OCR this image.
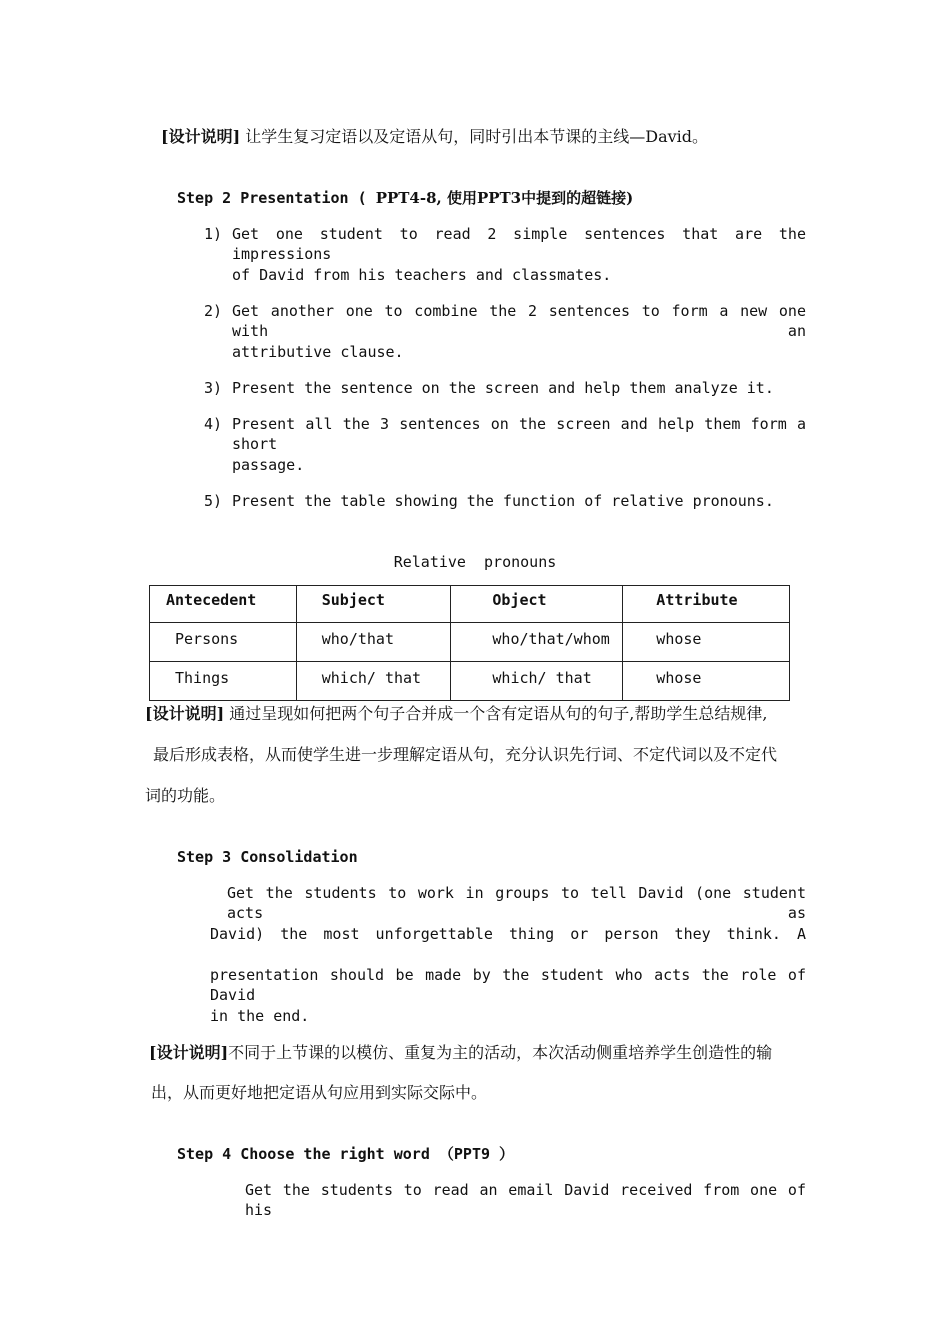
[设计说明] 让学生复习定语以及定语从句，同时引出本节课的主线—David。
Step 2 Presentation ( PPT4-8, 使用PPT3中提到的超链接)
1) Get one student to read 2 simple sentences that are the impressions
of David from his teachers and classmates.
2) Get another one to combine the 2 sentences to form a new one with an
attributive clause.
3) Present the sentence on the screen and help them analyze it.
4) Present all the 3 sentences on the screen and help them form a short
passage.
5) Present the table showing the function of relative pronouns.
Relative  pronouns
Antecedent	Subject	Object	Attribute

Persons	who/that	who/that/whom	whose

Things	which/ that	which/ that	whose
[设计说明] 通过呈现如何把两个句子合并成一个含有定语从句的句子,帮助学生总结规律,
最后形成表格，从而使学生进一步理解定语从句，充分认识先行词、不定代词以及不定代
词的功能。
Step 3 Consolidation
Get the students to work in groups to tell David (one student acts as
David) the most unforgettable thing or person they think. A
presentation should be made by the student who acts the role of David
in the end.
[设计说明]不同于上节课的以模仿、重复为主的活动，本次活动侧重培养学生创造性的输
出，从而更好地把定语从句应用到实际交际中。
Step 4 Choose the right word （PPT9 ）
Get the students to read an email David received from one of his
